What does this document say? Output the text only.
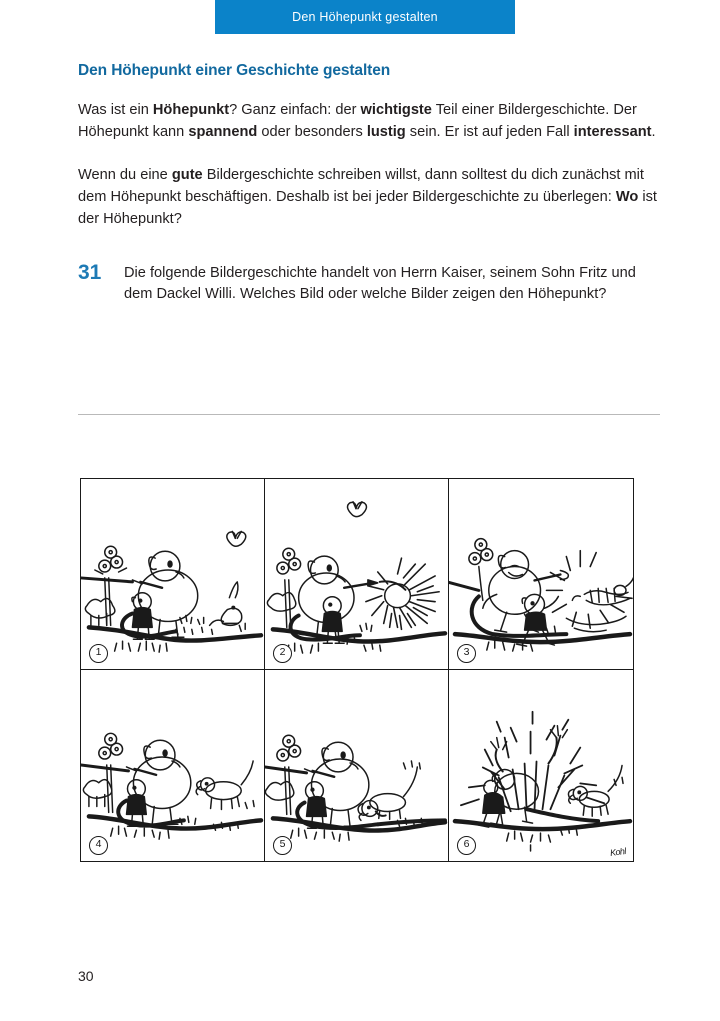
Den Höhepunkt gestalten
Den Höhepunkt einer Geschichte gestalten

Was ist ein Höhepunkt? Ganz einfach: der wichtigste Teil einer Bildergeschichte. Der Höhepunkt kann spannend oder besonders lustig sein. Er ist auf jeden Fall interessant.

Wenn du eine gute Bildergeschichte schreiben willst, dann solltest du dich zunächst mit dem Höhepunkt beschäftigen. Deshalb ist bei jeder Bildergeschichte zu überlegen: Wo ist der Höhepunkt?

31	Die folgende Bildergeschichte handelt von Herrn Kaiser, seinem Sohn Fritz und dem Dackel Willi. Welches Bild oder welche Bilder zeigen den Höhepunkt?
1	2	3
4	5	6
Kohl
30
